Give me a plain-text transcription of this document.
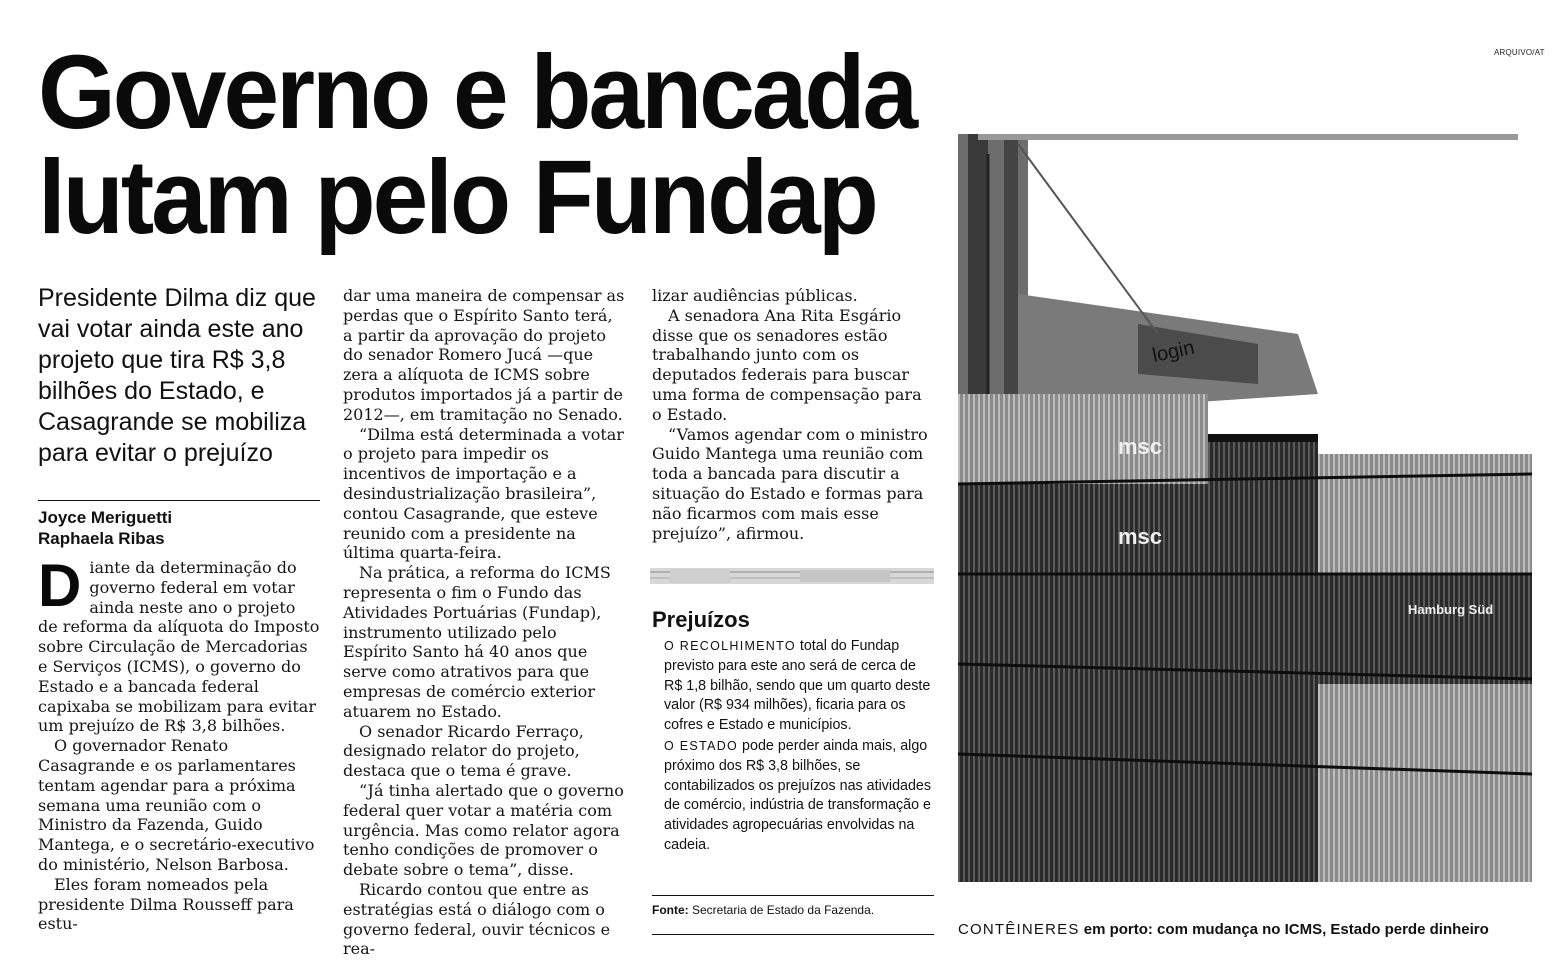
ARQUIVO/AT
Governo e bancada
lutam pelo Fundap
Presidente Dilma diz que vai votar ainda este ano projeto que tira R$ 3,8 bilhões do Estado, e Casagrande se mobiliza para evitar o prejuízo
Joyce Meriguetti
Raphaela Ribas

Diante da determinação do governo federal em votar ainda neste ano o projeto de reforma da alíquota do Imposto sobre Circulação de Mercadorias e Serviços (ICMS), o governo do Estado e a bancada federal capixaba se mobilizam para evitar um prejuízo de R$ 3,8 bilhões.

O governador Renato Casagrande e os parlamentares tentam agendar para a próxima semana uma reunião com o Ministro da Fazenda, Guido Mantega, e o secretário-executivo do ministério, Nelson Barbosa.

Eles foram nomeados pela presidente Dilma Rousseff para estu-

dar uma maneira de compensar as perdas que o Espírito Santo terá, a partir da aprovação do projeto do senador Romero Jucá —que zera a alíquota de ICMS sobre produtos importados já a partir de 2012—, em tramitação no Senado.

“Dilma está determinada a votar o projeto para impedir os incentivos de importação e a desindustrialização brasileira”, contou Casagrande, que esteve reunido com a presidente na última quarta-feira.

Na prática, a reforma do ICMS representa o fim o Fundo das Atividades Portuárias (Fundap), instrumento utilizado pelo Espírito Santo há 40 anos que serve como atrativos para que empresas de comércio exterior atuarem no Estado.

O senador Ricardo Ferraço, designado relator do projeto, destaca que o tema é grave.

“Já tinha alertado que o governo federal quer votar a matéria com urgência. Mas como relator agora tenho condições de promover o debate sobre o tema”, disse.

Ricardo contou que entre as estratégias está o diálogo com o governo federal, ouvir técnicos e rea-

lizar audiências públicas.

A senadora Ana Rita Esgário disse que os senadores estão trabalhando junto com os deputados federais para buscar uma forma de compensação para o Estado.

“Vamos agendar com o ministro Guido Mantega uma reunião com toda a bancada para discutir a situação do Estado e formas para não ficarmos com mais esse prejuízo”, afirmou.

Prejuízos

O RECOLHIMENTO total do Fundap previsto para este ano será de cerca de R$ 1,8 bilhão, sendo que um quarto deste valor (R$ 934 milhões), ficaria para os cofres e Estado e municípios.

O ESTADO pode perder ainda mais, algo próximo dos R$ 3,8 bilhões, se contabilizados os prejuízos nas atividades de comércio, indústria de transformação e atividades agropecuárias envolvidas na cadeia.

Fonte: Secretaria de Estado da Fazenda.
login
msc
msc
Hamburg Süd
CONTÊINERES em porto: com mudança no ICMS, Estado perde dinheiro
